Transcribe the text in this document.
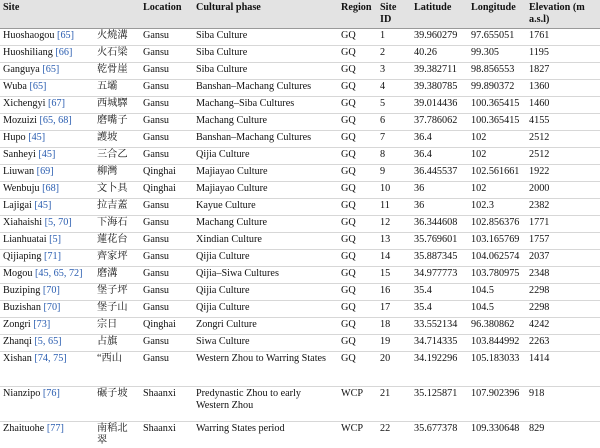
Site		Location	Cultural phase	Region	Site ID	Latitude	Longitude	Elevation (m a.s.l)
Huoshaogou [65]	火燒溝	Gansu	Siba Culture	GQ	1	39.960279	97.655051	1761
Huoshiliang [66]	火石梁	Gansu	Siba Culture	GQ	2	40.26	99.305	1195
Ganguya [65]	乾骨崖	Gansu	Siba Culture	GQ	3	39.382711	98.856553	1827
Wuba [65]	五壩	Gansu	Banshan–Machang Cultures	GQ	4	39.380785	99.890372	1360
Xichengyi [67]	西城驛	Gansu	Machang–Siba Cultures	GQ	5	39.014436	100.365415	1460
Mozuizi [65, 68]	磨嘴子	Gansu	Machang Culture	GQ	6	37.786062	100.365415	4155
Hupo [45]	護坡	Gansu	Banshan–Machang Cultures	GQ	7	36.4	102	2512
Sanheyi [45]	三合乙	Gansu	Qijia Culture	GQ	8	36.4	102	2512
Liuwan [69]	柳灣	Qinghai	Majiayao Culture	GQ	9	36.445537	102.561661	1922
Wenbuju [68]	文卜具	Qinghai	Majiayao Culture	GQ	10	36	102	2000
Lajigai [45]	拉吉蓋	Gansu	Kayue Culture	GQ	11	36	102.3	2382
Xiahaishi [5, 70]	下海石	Gansu	Machang Culture	GQ	12	36.344608	102.856376	1771
Lianhuatai [5]	蓮花台	Gansu	Xindian Culture	GQ	13	35.769601	103.165769	1757
Qijiaping [71]	齊家坪	Gansu	Qijia Culture	GQ	14	35.887345	104.062574	2037
Mogou [45, 65, 72]	磨溝	Gansu	Qijia–Siwa Cultures	GQ	15	34.977773	103.780975	2348
Buziping [70]	堡子坪	Gansu	Qijia Culture	GQ	16	35.4	104.5	2298
Buzishan [70]	堡子山	Gansu	Qijia Culture	GQ	17	35.4	104.5	2298
Zongri [73]	宗日	Qinghai	Zongri Culture	GQ	18	33.552134	96.380862	4242
Zhanqi [5, 65]	占旗	Gansu	Siwa Culture	GQ	19	34.714335	103.844992	2263
Xishan [74, 75]	“西山	Gansu	Western Zhou to Warring States	GQ	20	34.192296	105.183033	1414
Nianzipo [76]	碾子坡	Shaanxi	Predynastic Zhou to early Western Zhou	WCP	21	35.125871	107.902396	918
Zhaituohe [77]	南稻北翠	Shaanxi	Warring States period	WCP	22	35.677378	109.330648	829
